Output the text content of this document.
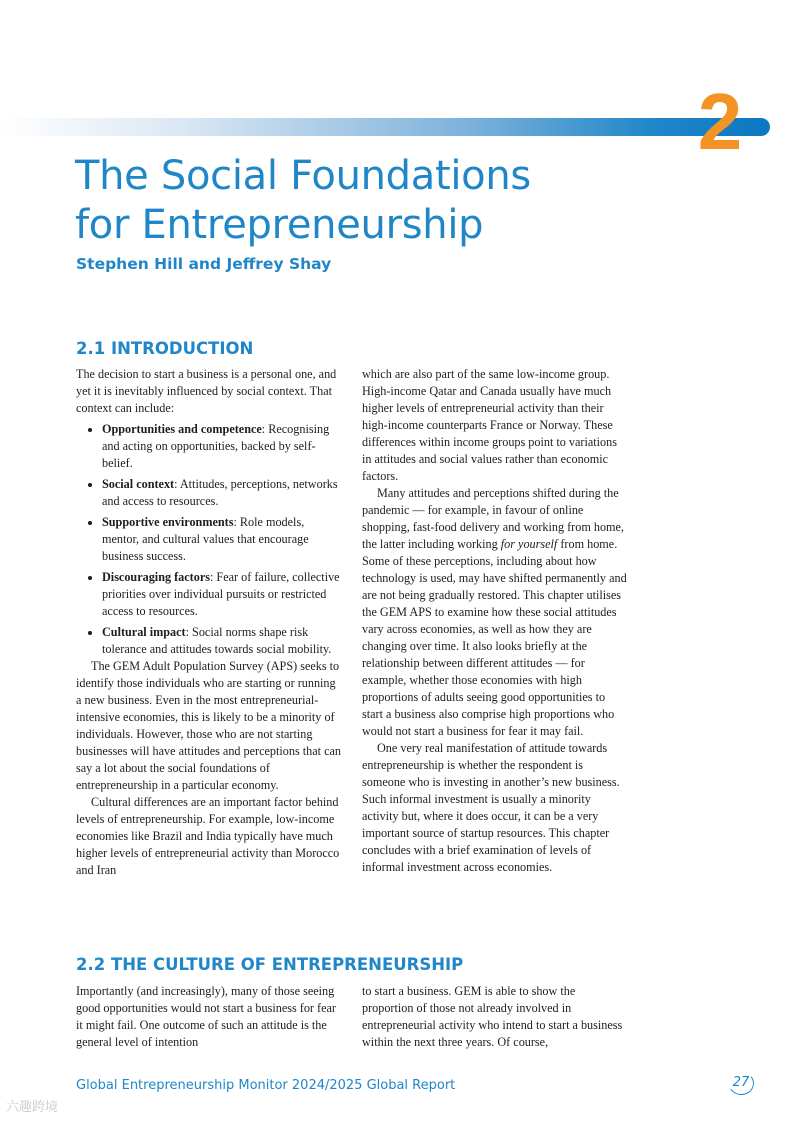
2
The Social Foundations
for Entrepreneurship
Stephen Hill and Jeffrey Shay
2.1 INTRODUCTION

The decision to start a business is a personal one, and yet it is inevitably influenced by social context. That context can include:

• Opportunities and competence: Recognising and acting on opportunities, backed by self-belief.
• Social context: Attitudes, perceptions, networks and access to resources.
• Supportive environments: Role models, mentor, and cultural values that encourage business success.
• Discouraging factors: Fear of failure, collective priorities over individual pursuits or restricted access to resources.
• Cultural impact: Social norms shape risk tolerance and attitudes towards social mobility.

The GEM Adult Population Survey (APS) seeks to identify those individuals who are starting or running a new business. Even in the most entrepreneurial-intensive economies, this is likely to be a minority of individuals. However, those who are not starting businesses will have attitudes and perceptions that can say a lot about the social foundations of entrepreneurship in a particular economy.

Cultural differences are an important factor behind levels of entrepreneurship. For example, low-income economies like Brazil and India typically have much higher levels of entrepreneurial activity than Morocco and Iran

which are also part of the same low-income group. High-income Qatar and Canada usually have much higher levels of entrepreneurial activity than their high-income counterparts France or Norway. These differences within income groups point to variations in attitudes and social values rather than economic factors.

Many attitudes and perceptions shifted during the pandemic — for example, in favour of online shopping, fast-food delivery and working from home, the latter including working for yourself from home. Some of these perceptions, including about how technology is used, may have shifted permanently and are not being gradually restored. This chapter utilises the GEM APS to examine how these social attitudes vary across economies, as well as how they are changing over time. It also looks briefly at the relationship between different attitudes — for example, whether those economies with high proportions of adults seeing good opportunities to start a business also comprise high proportions who would not start a business for fear it may fail.

One very real manifestation of attitude towards entrepreneurship is whether the respondent is someone who is investing in another’s new business. Such informal investment is usually a minority activity but, where it does occur, it can be a very important source of startup resources. This chapter concludes with a brief examination of levels of informal investment across economies.

2.2 THE CULTURE OF ENTREPRENEURSHIP

Importantly (and increasingly), many of those seeing good opportunities would not start a business for fear it might fail. One outcome of such an attitude is the general level of intention

to start a business. GEM is able to show the proportion of those not already involved in entrepreneurial activity who intend to start a business within the next three years. Of course,

Global Entrepreneurship Monitor 2024/2025 Global Report	27
六趣跨境
